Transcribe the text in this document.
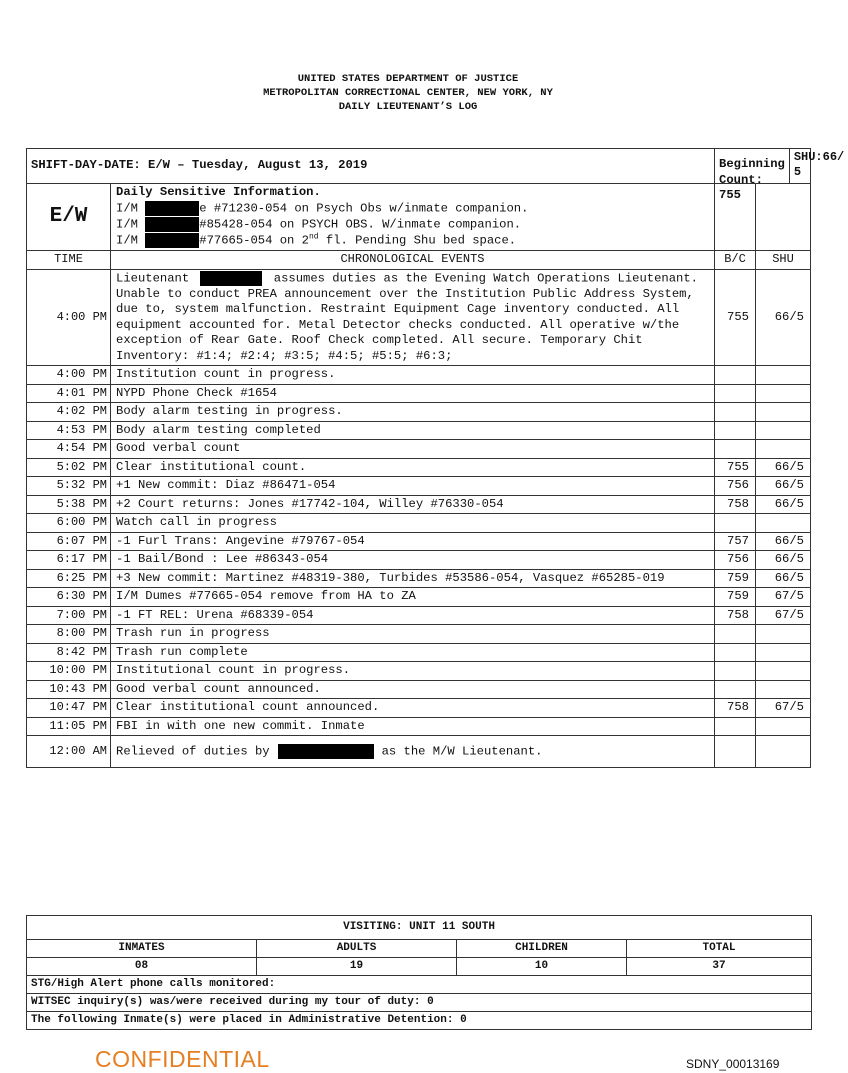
UNITED STATES DEPARTMENT OF JUSTICE
METROPOLITAN CORRECTIONAL CENTER, NEW YORK, NY
DAILY LIEUTENANT’S LOG
SHIFT-DAY-DATE: E/W – Tuesday, August 13, 2019		Beginning Count: 755
SHU:66/ 5	

E/W	Daily Sensitive Information.
I/M e #71230-054 on Psych Obs w/inmate companion.
I/M #85428-054 on PSYCH OBS. W/inmate companion.
I/M #77665-054 on 2nd fl. Pending Shu bed space.		

TIME	CHRONOLOGICAL EVENTS	B/C	SHU
4:00 PM	Lieutenant assumes duties as the Evening Watch Operations Lieutenant. Unable to conduct PREA announcement over the Institution Public Address System, due to, system malfunction. Restraint Equipment Cage inventory conducted. All equipment accounted for. Metal Detector checks conducted. All operative w/the exception of Rear Gate. Roof Check completed. All secure. Temporary Chit Inventory: #1:4; #2:4; #3:5; #4:5; #5:5; #6:3;	755	66/5
4:00 PM	Institution count in progress.		
4:01 PM	NYPD Phone Check #1654		
4:02 PM	Body alarm testing in progress.		
4:53 PM	Body alarm testing completed		
4:54 PM	Good verbal count		
5:02 PM	Clear institutional count.	755	66/5
5:32 PM	+1 New commit: Diaz #86471-054	756	66/5
5:38 PM	+2 Court returns: Jones #17742-104, Willey #76330-054	758	66/5
6:00 PM	Watch call in progress		
6:07 PM	-1 Furl Trans: Angevine #79767-054	757	66/5
6:17 PM	-1 Bail/Bond : Lee #86343-054	756	66/5
6:25 PM	+3 New commit: Martinez #48319-380, Turbides #53586-054, Vasquez #65285-019	759	66/5
6:30 PM	I/M Dumes #77665-054 remove from HA to ZA	759	67/5
7:00 PM	-1 FT REL: Urena #68339-054	758	67/5
8:00 PM	Trash run in progress		
8:42 PM	Trash run complete		
10:00 PM	Institutional count in progress.		
10:43 PM	Good verbal count announced.		
10:47 PM	Clear institutional count announced.	758	67/5
11:05 PM	FBI in with one new commit. Inmate		
12:00 AM	Relieved of duties by as the M/W Lieutenant.		
VISITING: UNIT 11 SOUTH			
INMATES	ADULTS	CHILDREN	TOTAL
08	19	10	37
STG/High Alert phone calls monitored:			
WITSEC inquiry(s) was/were received during my tour of duty: 0			
The following Inmate(s) were placed in Administrative Detention: 0			
CONFIDENTIAL	SDNY_00013169
